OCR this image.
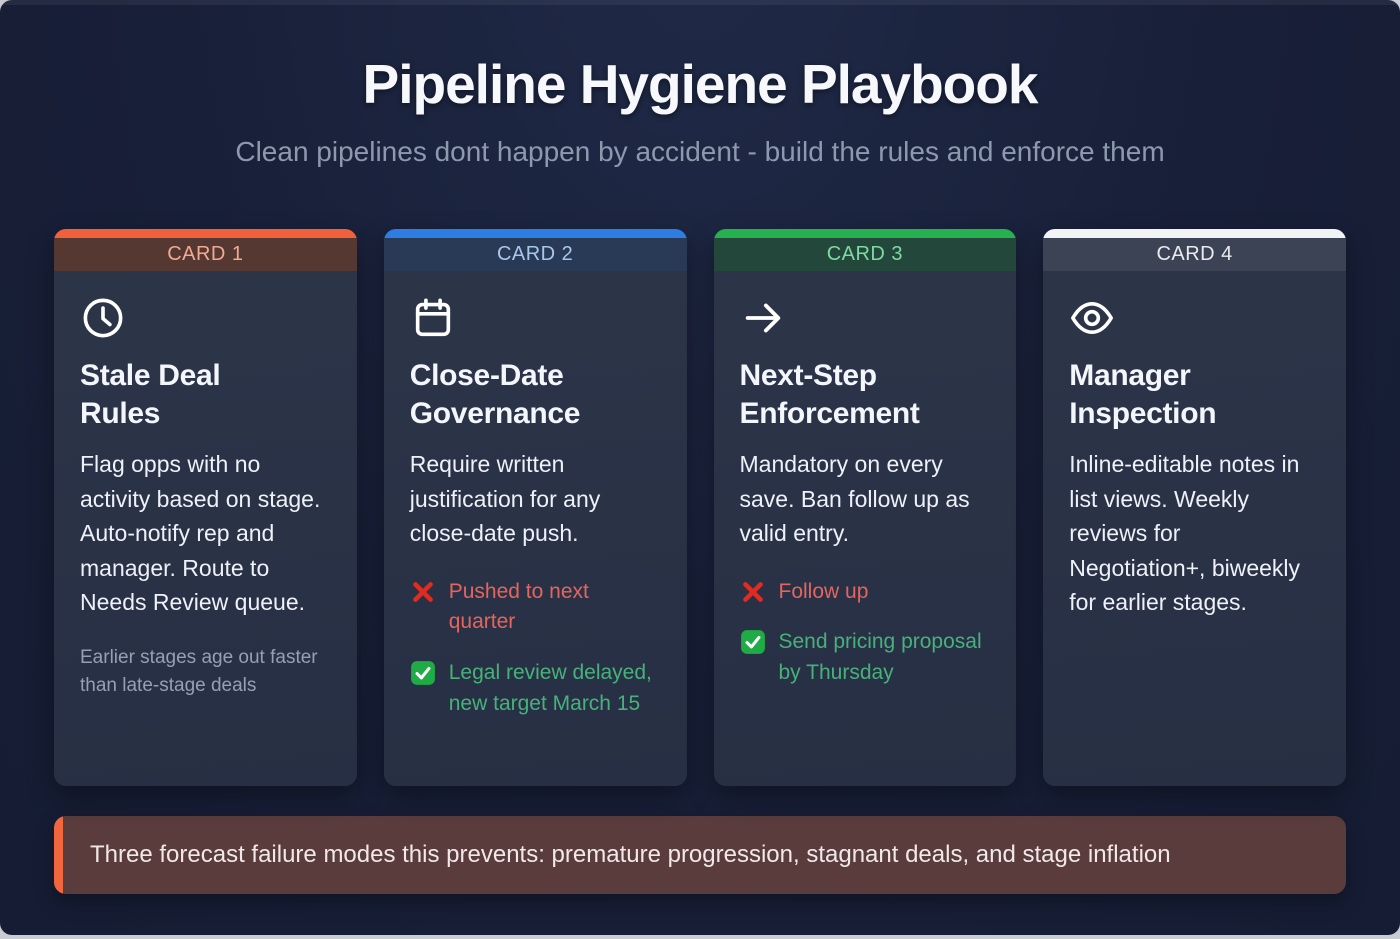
Pipeline Hygiene Playbook
Clean pipelines dont happen by accident - build the rules and enforce them
CARD 1
Stale Deal Rules

Flag opps with no activity based on stage. Auto-notify rep and manager. Route to Needs Review queue.

Earlier stages age out faster than late-stage deals

CARD 2
Close-Date Governance

Require written justification for any close-date push.

Pushed to next quarter
Legal review delayed, new target March 15
CARD 3
Next-Step Enforcement

Mandatory on every save. Ban follow up as valid entry.

Follow up
Send pricing proposal by Thursday
CARD 4
Manager Inspection

Inline-editable notes in list views. Weekly reviews for Negotiation+, biweekly for earlier stages.

Three forecast failure modes this prevents: premature progression, stagnant deals, and stage inflation
